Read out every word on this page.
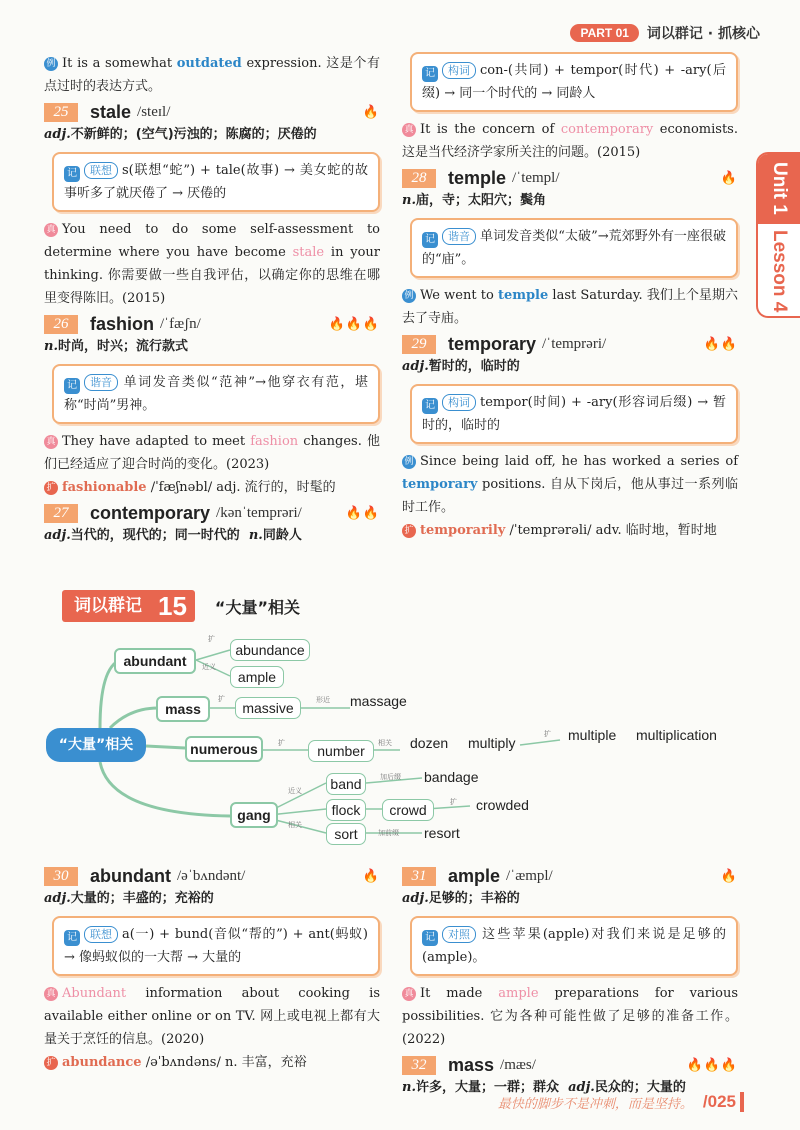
PART 01	词以群记 · 抓核心
Unit 1
Lesson 4

例 It is a somewhat outdated expression. 这是个有点过时的表达方式。

25	stale /steɪl/	🔥

adj.不新鲜的；(空气)污浊的；陈腐的；厌倦的

记 联想 s(联想“蛇”) + tale(故事) → 美女蛇的故事听多了就厌倦了 → 厌倦的

真 You need to do some self-assessment to determine where you have become stale in your thinking. 你需要做一些自我评估，以确定你的思维在哪里变得陈旧。(2015)

26	fashion /ˈfæʃn/	🔥🔥🔥

n.时尚，时兴；流行款式

记 谐音 单词发音类似“范神”→他穿衣有范，堪称“时尚”男神。

真 They have adapted to meet fashion changes. 他们已经适应了迎合时尚的变化。(2023)

扩 fashionable /ˈfæʃnəbl/ adj. 流行的，时髦的

27	contemporary /kənˈtemprəri/	🔥🔥

adj.当代的，现代的；同一时代的 n.同龄人

记 构词 con-(共同) + tempor(时代) + -ary(后缀) → 同一个时代的 → 同龄人

真 It is the concern of contemporary economists. 这是当代经济学家所关注的问题。(2015)

28	temple /ˈtempl/	🔥

n.庙，寺；太阳穴；鬓角

记 谐音 单词发音类似“太破”→荒郊野外有一座很破的“庙”。

例 We went to temple last Saturday. 我们上个星期六去了寺庙。

29	temporary /ˈtemprəri/	🔥🔥

adj.暂时的，临时的

记 构词 tempor(时间) + -ary(形容词后缀) → 暂时的，临时的

例 Since being laid off, he has worked a series of temporary positions. 自从下岗后，他从事过一系列临时工作。

扩 temporarily /ˈtemprərəli/ adv. 临时地，暂时地

词以群记 15	“大量”相关
“大量”相关
abundant
mass
numerous
gang
abundance
ample
扩
近义
massive
扩	形近 massage
扩	number	相关 dozen multiply
扩 multiple multiplication
近义
相关
band
flock
sort
crowd	扩 crowded
加后缀 bandage
加前缀 resort
30	abundant /əˈbʌndənt/	🔥

adj.大量的；丰盛的；充裕的

记 联想 a(一) + bund(音似“帮的”) + ant(蚂蚁) → 像蚂蚁似的一大帮 → 大量的

真 Abundant information about cooking is available either online or on TV. 网上或电视上都有大量关于烹饪的信息。(2020)

扩 abundance /əˈbʌndəns/ n. 丰富，充裕

31	ample /ˈæmpl/	🔥

adj.足够的；丰裕的

记 对照 这些苹果(apple)对我们来说是足够的(ample)。

真 It made ample preparations for various possibilities. 它为各种可能性做了足够的准备工作。(2022)

32	mass /mæs/	🔥🔥🔥

n.许多，大量；一群；群众 adj.民众的；大量的

最快的脚步不是冲刺，而是坚持。 /025
